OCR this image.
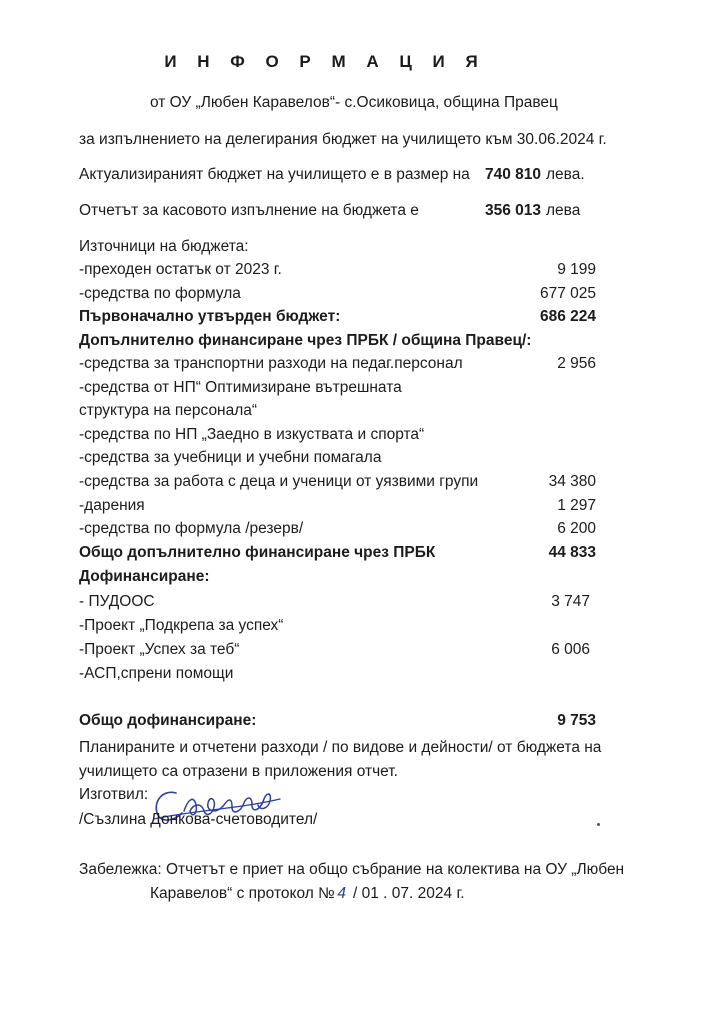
И Н Ф О Р М А Ц И Я
от ОУ „Любен Каравелов“- с.Осиковица, община Правец
за изпълнението на делегирания бюджет на училището към 30.06.2024 г.
Актуализираният бюджет на училището е в размер на 740 810 лева.
Отчетът за касовото изпълнение на бюджета е	356 013 лева
Източници на бюджета:
-преходен остатък от 2023 г.	9 199
-средства по формула	677 025
Първоначално утвърден бюджет:	686 224
Допълнително финансиране чрез ПРБК / община Правец/:
-средства за транспортни разходи на педаг.персонал	2 956
-средства от НП“ Оптимизиране вътрешната
структура на персонала“
-средства по НП „Заедно в изкуствата и спорта“
-средства за учебници и учебни помагала
-средства за работа с деца и ученици от уязвими групи	34 380
-дарения	1 297
-средства по формула /резерв/	6 200
Общо допълнително финансиране чрез ПРБК	44 833
Дофинансиране:
- ПУДООС	3 747
-Проект „Подкрепа за успех“
-Проект „Успех за теб“	6 006
-АСП,спрени помощи
Общо дофинансиране:	9 753
Планираните и отчетени разходи / по видове и дейности/ от бюджета на
училището са отразени в приложения отчет.
Изготвил:
/Съзлина Донкова-счетоводител/
Забележка: Отчетът е приет на общо събрание на колектива на ОУ „Любен
Каравелов“ с протокол № 4 / 01 . 07. 2024 г.
